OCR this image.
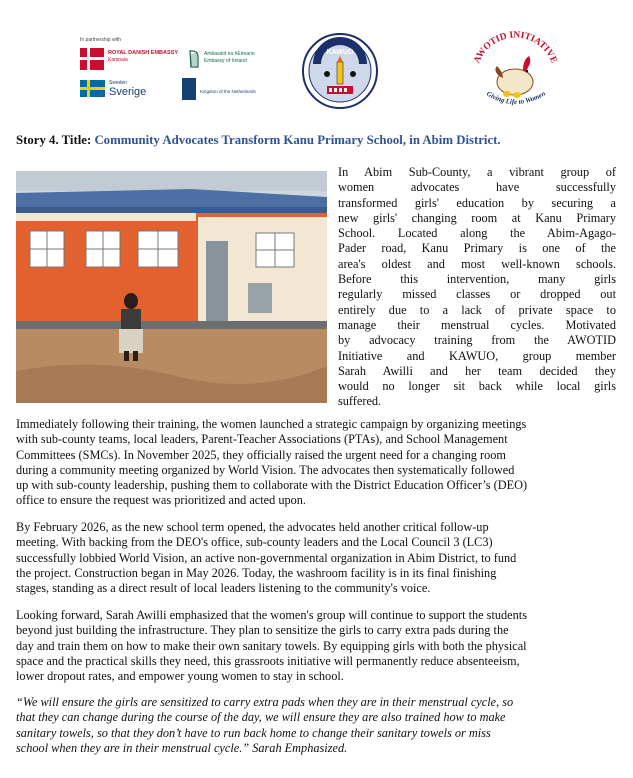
In partnership with
ROYAL DANISH EMBASSY
Kampala
Ambasáid na hÉireann
Embassy of Ireland
Sweden
Sverige	Kingdom of the Netherlands
KAWUO
AWOTID INITIATIVE
Giving Life to Women
Story 4. Title: Community Advocates Transform Kanu Primary School, in Abim District.

In Abim Sub-County, a vibrant group of
women advocates have successfully
transformed girls' education by securing a
new girls' changing room at Kanu Primary
School. Located along the Abim-Agago-
Pader road, Kanu Primary is one of the
area's oldest and most well-known schools.
Before this intervention, many girls
regularly missed classes or dropped out
entirely due to a lack of private space to
manage their menstrual cycles. Motivated
by advocacy training from the AWOTID
Initiative and KAWUO, group member
Sarah Awilli and her team decided they
would no longer sit back while local girls
suffered.

Immediately following their training, the women launched a strategic campaign by organizing meetings
with sub-county teams, local leaders, Parent-Teacher Associations (PTAs), and School Management
Committees (SMCs). In November 2025, they officially raised the urgent need for a changing room
during a community meeting organized by World Vision. The advocates then systematically followed
up with sub-county leadership, pushing them to collaborate with the District Education Officer’s (DEO)
office to ensure the request was prioritized and acted upon.

By February 2026, as the new school term opened, the advocates held another critical follow-up
meeting. With backing from the DEO's office, sub-county leaders and the Local Council 3 (LC3)
successfully lobbied World Vision, an active non-governmental organization in Abim District, to fund
the project. Construction began in May 2026. Today, the washroom facility is in its final finishing
stages, standing as a direct result of local leaders listening to the community's voice.

Looking forward, Sarah Awilli emphasized that the women's group will continue to support the students
beyond just building the infrastructure. They plan to sensitize the girls to carry extra pads during the
day and train them on how to make their own sanitary towels. By equipping girls with both the physical
space and the practical skills they need, this grassroots initiative will permanently reduce absenteeism,
lower dropout rates, and empower young women to stay in school.

“We will ensure the girls are sensitized to carry extra pads when they are in their menstrual cycle, so
that they can change during the course of the day, we will ensure they are also trained how to make
sanitary towels, so that they don’t have to run back home to change their sanitary towels or miss
school when they are in their menstrual cycle.” Sarah Emphasized.
